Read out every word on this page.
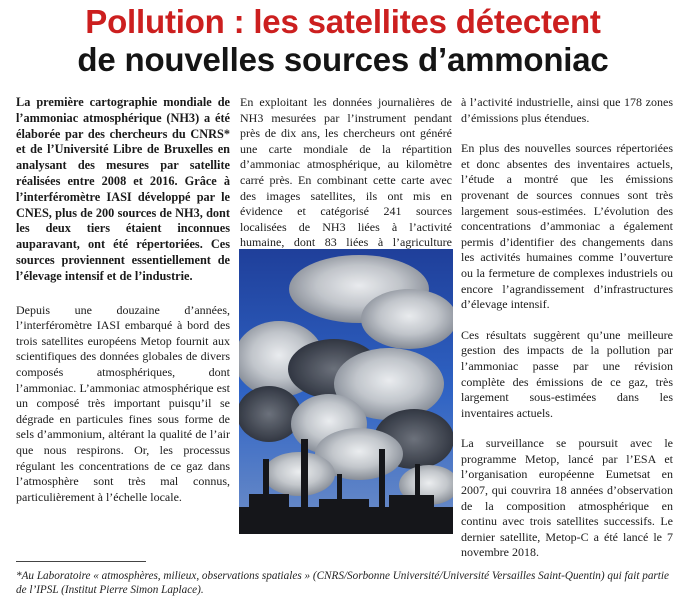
Pollution : les satellites détectent
de nouvelles sources d’ammoniac

La première cartographie mondiale de l’ammoniac atmosphérique (NH3) a été élaborée par des chercheurs du CNRS* et de l’Université Libre de Bruxelles en analysant des mesures par satellite réalisées entre 2008 et 2016. Grâce à l’interféromètre IASI développé par le CNES, plus de 200 sources de NH3, dont les deux tiers étaient inconnues auparavant, ont été répertoriées. Ces sources proviennent essentiellement de l’élevage intensif et de l’industrie.

Depuis une douzaine d’années, l’interféromètre IASI embarqué à bord des trois satellites européens Metop fournit aux scientifiques des données globales de divers composés atmosphériques, dont l’ammoniac. L’ammoniac atmosphérique est un composé très important puisqu’il se dégrade en particules fines sous forme de sels d’ammonium, altérant la qualité de l’air que nous respirons. Or, les processus régulant les concentrations de ce gaz dans l’atmosphère sont très mal connus, particulièrement à l’échelle locale.

En exploitant les données journalières de NH3 mesurées par l’instrument pendant près de dix ans, les chercheurs ont généré une carte mondiale de la répartition d’ammoniac atmosphérique, au kilomètre carré près. En combinant cette carte avec des images satellites, ils ont mis en évidence et catégorisé 241 sources localisées de NH3 liées à l’activité humaine, dont 83 liées à l’agriculture

à l’activité industrielle, ainsi que 178 zones d’émissions plus étendues.

En plus des nouvelles sources répertoriées et donc absentes des inventaires actuels, l’étude a montré que les émissions provenant de sources connues sont très largement sous-estimées. L’évolution des concentrations d’ammoniac a également permis d’identifier des changements dans les activités humaines comme l’ouverture ou la fermeture de complexes industriels ou encore l’agrandissement d’infrastructures d’élevage intensif.

Ces résultats suggèrent qu’une meilleure gestion des impacts de la pollution par l’ammoniac passe par une révision complète des émissions de ce gaz, très largement sous-estimées dans les inventaires actuels.

La surveillance se poursuit avec le programme Metop, lancé par l’ESA et l’organisation européenne Eumetsat en 2007, qui couvrira 18 années d’observation de la composition atmosphérique en continu avec trois satellites successifs. Le dernier satellite, Metop-C a été lancé le 7 novembre 2018.

*Au Laboratoire « atmosphères, milieux, observations spatiales » (CNRS/Sorbonne Université/Université Versailles Saint-Quentin) qui fait partie de l’IPSL (Institut Pierre Simon Laplace).
